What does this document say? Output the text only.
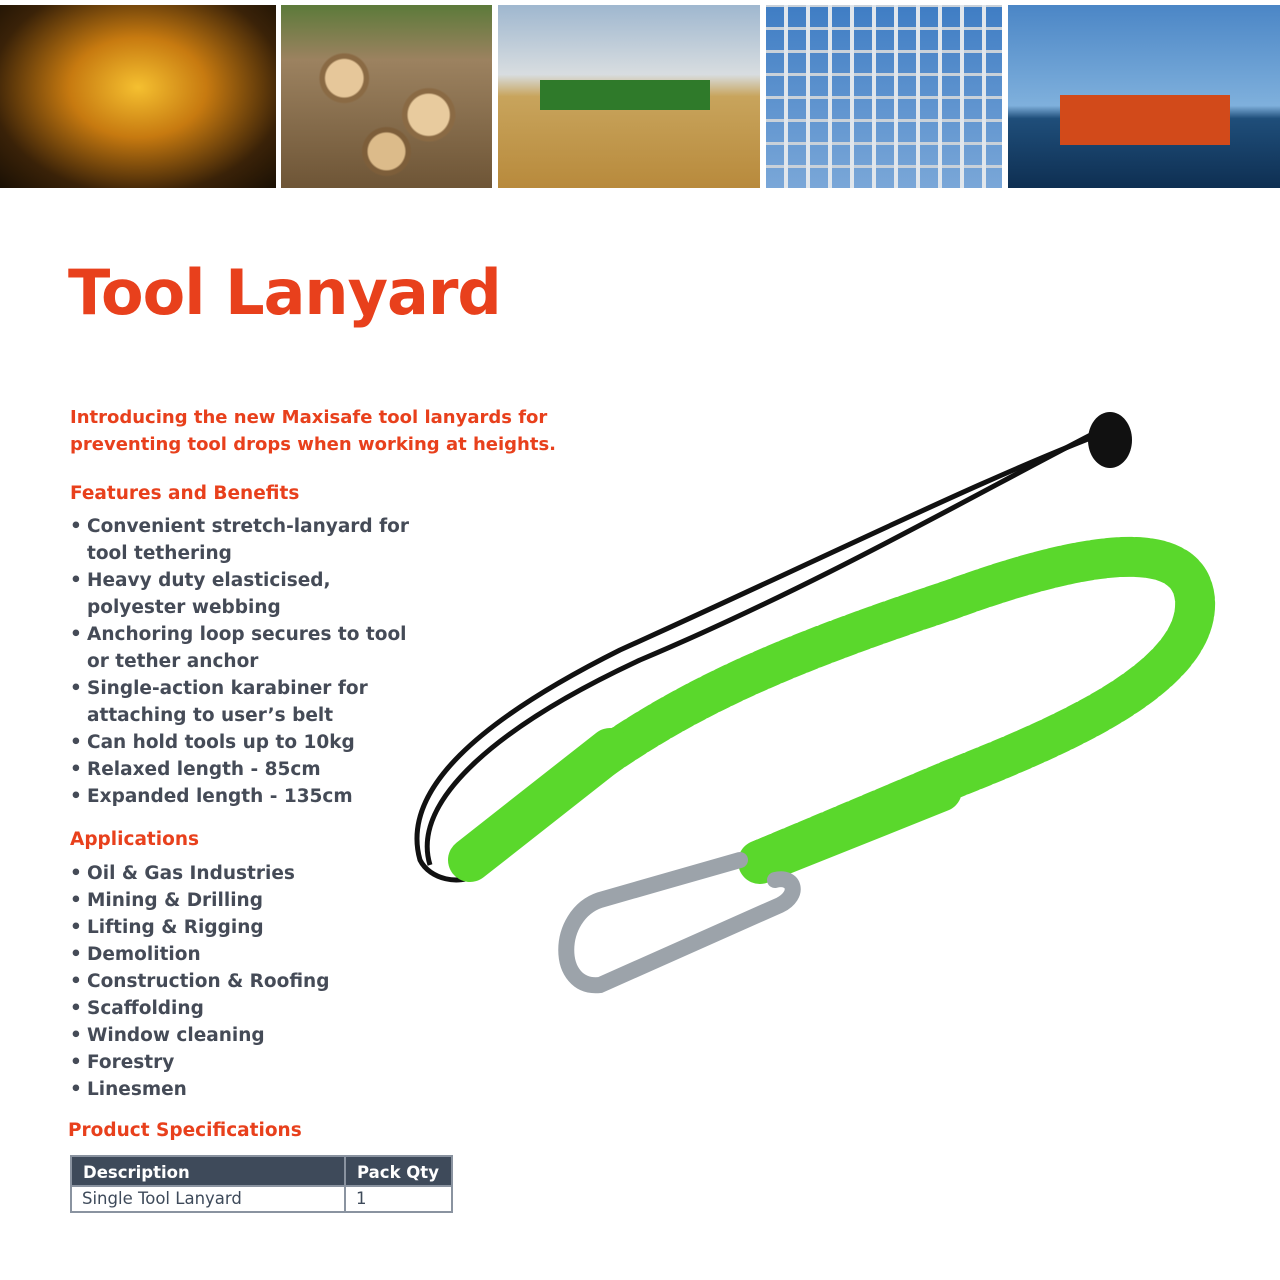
Tool Lanyard
Introducing the new Maxisafe tool lanyards for preventing tool drops when working at heights.
Features and Benefits
• Convenient stretch-lanyard for tool tethering
• Heavy duty elasticised, polyester webbing
• Anchoring loop secures to tool or tether anchor
• Single-action karabiner for attaching to user’s belt
• Can hold tools up to 10kg
• Relaxed length - 85cm
• Expanded length - 135cm
Applications
• Oil & Gas Industries
• Mining & Drilling
• Lifting & Rigging
• Demolition
• Construction & Roofing
• Scaffolding
• Window cleaning
• Forestry
• Linesmen
Product Specifications
Description	Pack Qty
Single Tool Lanyard	1
